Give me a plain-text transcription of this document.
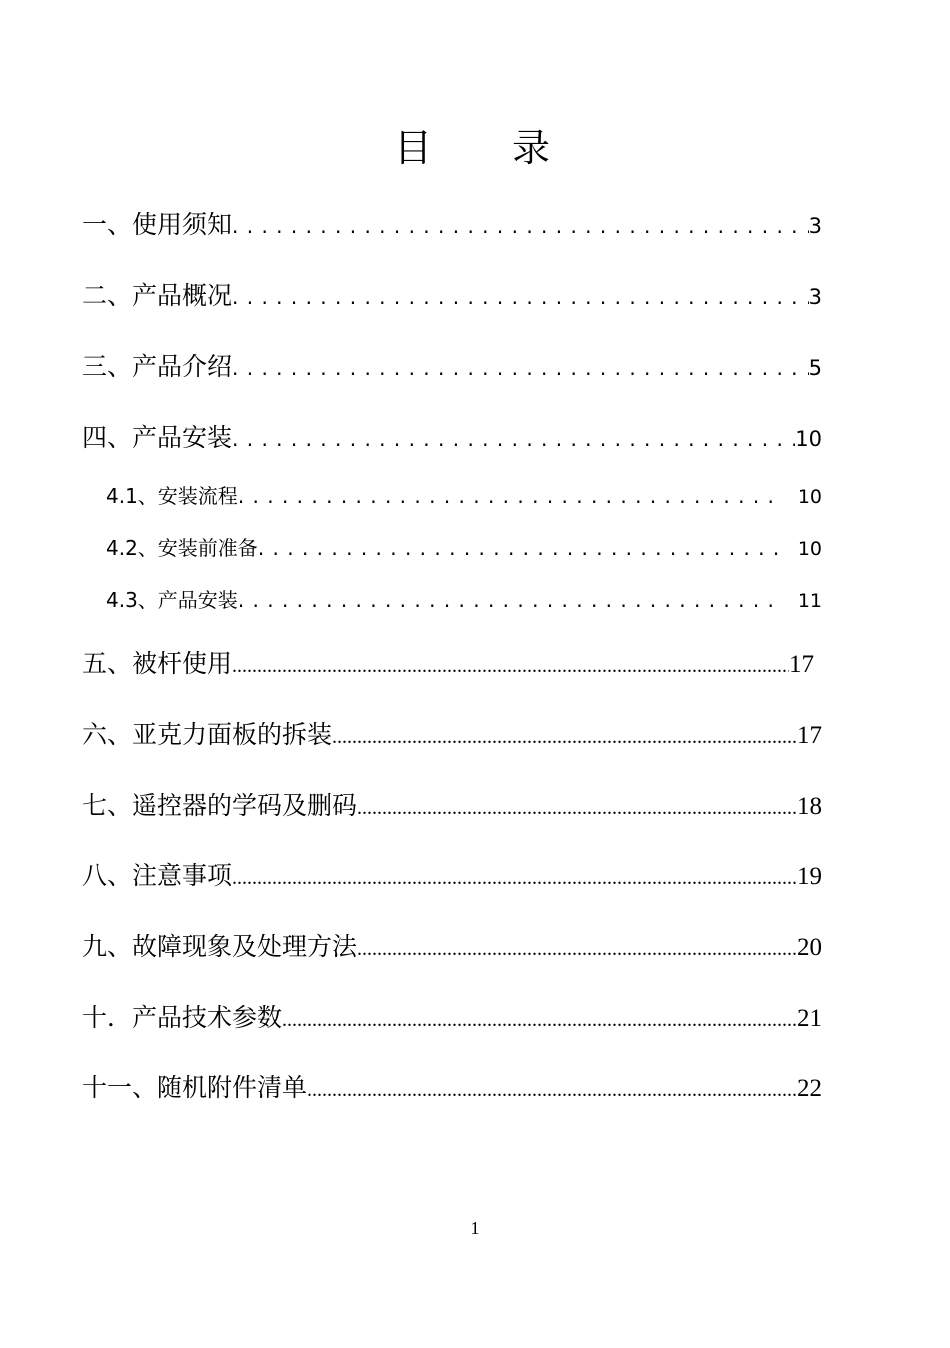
目 录
一、使用须知 . . .	3
二、产品概况 . . .	3
三、产品介绍 . . .	5
四、产品安装 . . .	10
4.1、安装流程 . . .	10
4.2、安装前准备 . . .	10
4.3、产品安装 . . .	11
五、被杆使用 .....	17
六、亚克力面板的拆装 .....	17
七、遥控器的学码及删码 .....	18
八、注意事项 .....	19
九、故障现象及处理方法 .....	20
十．产品技术参数 .....	21
十一、随机附件清单 .....	22
1
